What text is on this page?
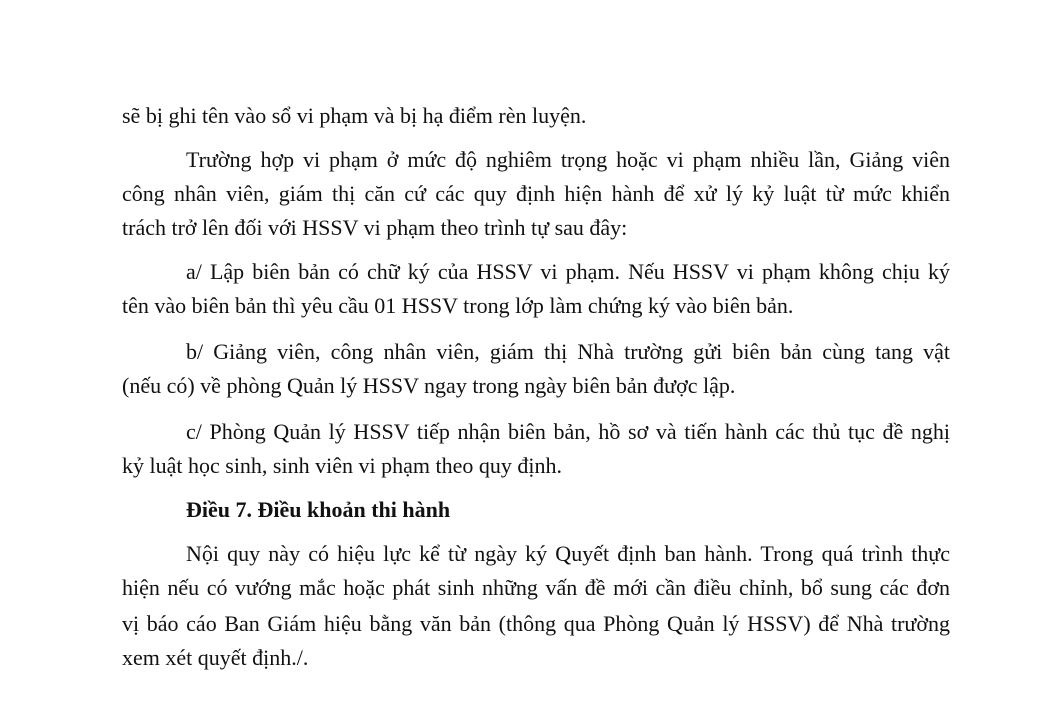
sẽ bị ghi tên vào sổ vi phạm và bị hạ điểm rèn luyện.
Trường hợp vi phạm ở mức độ nghiêm trọng hoặc vi phạm nhiều lần, Giảng viên
công nhân viên, giám thị căn cứ các quy định hiện hành để xử lý kỷ luật từ mức khiển
trách trở lên đối với HSSV vi phạm theo trình tự sau đây:
a/ Lập biên bản có chữ ký của HSSV vi phạm. Nếu HSSV vi phạm không chịu ký
tên vào biên bản thì yêu cầu 01 HSSV trong lớp làm chứng ký vào biên bản.
b/ Giảng viên, công nhân viên, giám thị Nhà trường gửi biên bản cùng tang vật
(nếu có) về phòng Quản lý HSSV ngay trong ngày biên bản được lập.
c/ Phòng Quản lý HSSV tiếp nhận biên bản, hồ sơ và tiến hành các thủ tục đề nghị
kỷ luật học sinh, sinh viên vi phạm theo quy định.
Điều 7. Điều khoản thi hành
Nội quy này có hiệu lực kể từ ngày ký Quyết định ban hành. Trong quá trình thực
hiện nếu có vướng mắc hoặc phát sinh những vấn đề mới cần điều chỉnh, bổ sung các đơn
vị báo cáo Ban Giám hiệu bằng văn bản (thông qua Phòng Quản lý HSSV) để Nhà trường
xem xét quyết định./.
